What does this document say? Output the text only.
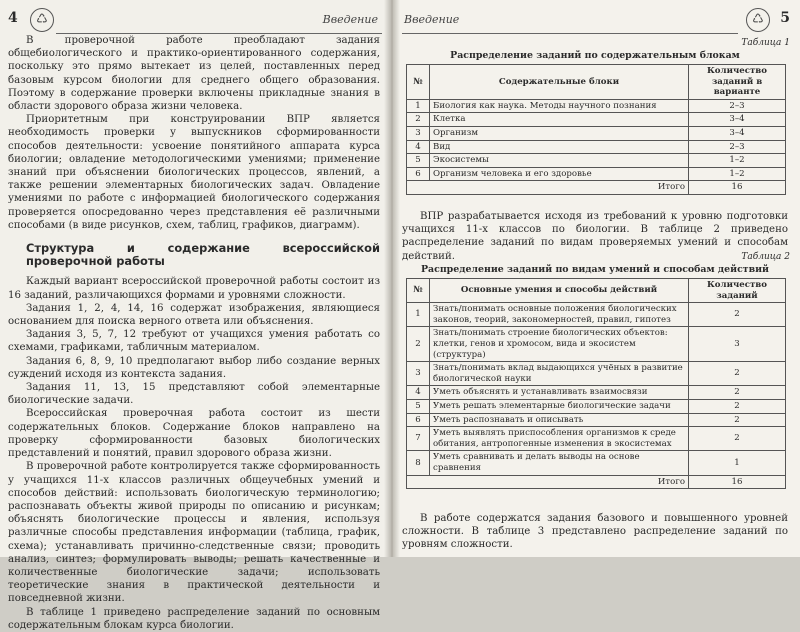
4	♺	Введение

В проверочной работе преобладают задания общебиологического и практико-ориентированного содержания, поскольку это прямо вытекает из целей, поставленных перед базовым курсом биологии для среднего общего образования. Поэтому в содержание проверки включены прикладные знания в области здорового образа жизни человека.

Приоритетным при конструировании ВПР является необходимость проверки у выпускников сформированности способов деятельности: усвоение понятийного аппарата курса биологии; овладение методологическими умениями; применение знаний при объяснении биологических процессов, явлений, а также решении элементарных биологических задач. Овладение умениями по работе с информацией биологического содержания проверяется опосредованно через представления её различными способами (в виде рисунков, схем, таблиц, графиков, диаграмм).

Структура и содержание всероссийской проверочной работы

Каждый вариант всероссийской проверочной работы состоит из 16 заданий, различающихся формами и уровнями сложности.

Задания 1, 2, 4, 14, 16 содержат изображения, являющиеся основанием для поиска верного ответа или объяснения.

Задания 3, 5, 7, 12 требуют от учащихся умения работать со схемами, графиками, табличным материалом.

Задания 6, 8, 9, 10 предполагают выбор либо создание верных суждений исходя из контекста задания.

Задания 11, 13, 15 представляют собой элементарные биологические задачи.

Всероссийская проверочная работа состоит из шести содержательных блоков. Содержание блоков направлено на проверку сформированности базовых биологических представлений и понятий, правил здорового образа жизни.

В проверочной работе контролируется также сформированность у учащихся 11-х классов различных общеучебных умений и способов действий: использовать биологическую терминологию; распознавать объекты живой природы по описанию и рисункам; объяснять биологические процессы и явления, используя различные способы представления информации (таблица, график, схема); устанавливать причинно-следственные связи; проводить анализ, синтез; формулировать выводы; решать качественные и количественные биологические задачи; использовать теоретические знания в практической деятельности и повседневной жизни.

В таблице 1 приведено распределение заданий по основным содержательным блокам курса биологии.

Введение	♺	5
Таблица 1
Распределение заданий по содержательным блокам
№	Содержательные блоки	Количество заданий в варианте
1	Биология как наука. Методы научного познания	2–3
2	Клетка	3–4
3	Организм	3–4
4	Вид	2–3
5	Экосистемы	1–2
6	Организм человека и его здоровье	1–2
Итого		16

ВПР разрабатывается исходя из требований к уровню подготовки учащихся 11-х классов по биологии. В таблице 2 приведено распределение заданий по видам проверяемых умений и способам действий.	Таблица 2
Распределение заданий по видам умений и способам действий
№	Основные умения и способы действий	Количество заданий
1	Знать/понимать основные положения биологических законов, теорий, закономерностей, правил, гипотез	2
2	Знать/понимать строение биологических объектов: клетки, генов и хромосом, вида и экосистем (структура)	3
3	Знать/понимать вклад выдающихся учёных в развитие биологической науки	2
4	Уметь объяснять и устанавливать взаимосвязи	2
5	Уметь решать элементарные биологические задачи	2
6	Уметь распознавать и описывать	2
7	Уметь выявлять приспособления организмов к среде обитания, антропогенные изменения в экосистемах	2
8	Уметь сравнивать и делать выводы на основе сравнения	1
Итого		16

В работе содержатся задания базового и повышенного уровней сложности. В таблице 3 представлено распределение заданий по уровням сложности.
